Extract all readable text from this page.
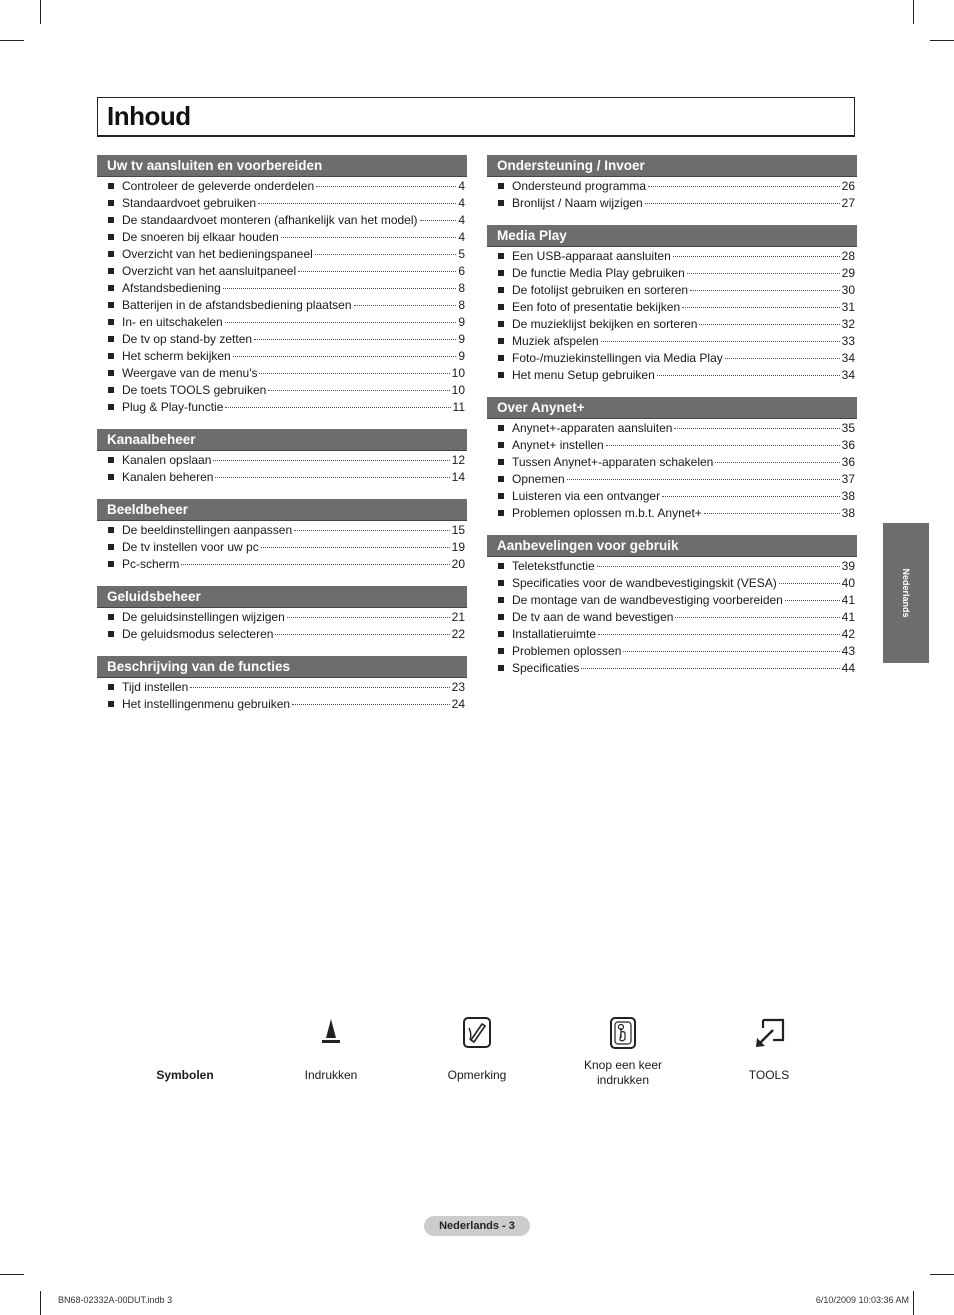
Inhoud
Uw tv aansluiten en voorbereiden
Controleer de geleverde onderdelen	4
Standaardvoet gebruiken	4
De standaardvoet monteren (afhankelijk van het model)	4
De snoeren bij elkaar houden	4
Overzicht van het bedieningspaneel	5
Overzicht van het aansluitpaneel	6
Afstandsbediening	8
Batterijen in de afstandsbediening plaatsen	8
In- en uitschakelen	9
De tv op stand-by zetten	9
Het scherm bekijken	9
Weergave van de menu's	10
De toets TOOLS gebruiken	10
Plug & Play-functie	11
Kanaalbeheer
Kanalen opslaan	12
Kanalen beheren	14
Beeldbeheer
De beeldinstellingen aanpassen	15
De tv instellen voor uw pc	19
Pc-scherm	20
Geluidsbeheer
De geluidsinstellingen wijzigen	21
De geluidsmodus selecteren	22
Beschrijving van de functies
Tijd instellen	23
Het instellingenmenu gebruiken	24
Ondersteuning / Invoer
Ondersteund programma	26
Bronlijst / Naam wijzigen	27
Media Play
Een USB-apparaat aansluiten	28
De functie Media Play gebruiken	29
De fotolijst gebruiken en sorteren	30
Een foto of presentatie bekijken	31
De muzieklijst bekijken en sorteren	32
Muziek afspelen	33
Foto-/muziekinstellingen via Media Play	34
Het menu Setup gebruiken	34
Over Anynet+
Anynet+-apparaten aansluiten	35
Anynet+ instellen	36
Tussen Anynet+-apparaten schakelen	36
Opnemen	37
Luisteren via een ontvanger	38
Problemen oplossen m.b.t. Anynet+	38
Aanbevelingen voor gebruik
Teletekstfunctie	39
Specificaties voor de wandbevestigingskit (VESA)	40
De montage van de wandbevestiging voorbereiden	41
De tv aan de wand bevestigen	41
Installatieruimte	42
Problemen oplossen	43
Specificaties	44
Nederlands
Symbolen	Indrukken	Opmerking
Knop een keer
indrukken	TOOLS
Nederlands - 3
BN68-02332A-00DUT.indb 3	6/10/2009 10:03:36 AM
